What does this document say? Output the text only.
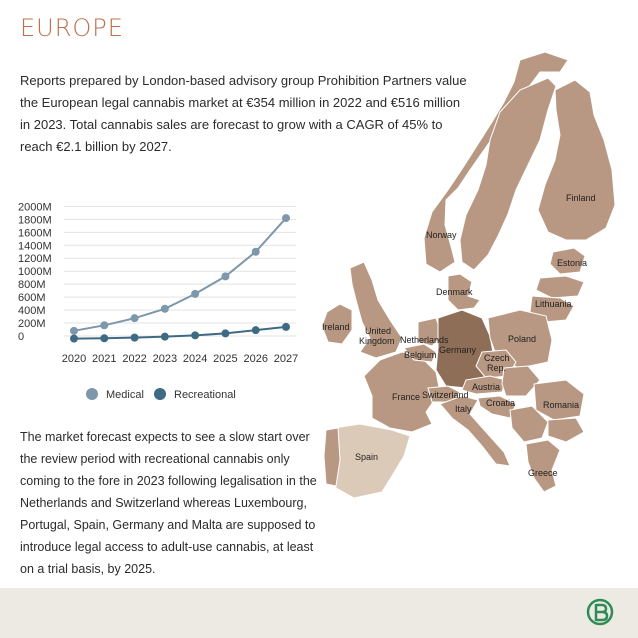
EUROPE

Reports prepared by London-based advisory group Prohibition Partners value the European legal cannabis market at €354 million in 2022 and €516 million in 2023. Total cannabis sales are forecast to grow with a CAGR of 45% to reach €2.1 billion by 2027.

0
200M
400M
600M
800M
1000M
1200M
1400M
1600M
1800M
2000M
2020 2021 2022 2023 2024 2025 2026 2027
Medical	Recreational

The market forecast expects to see a slow start over the review period with recreational cannabis only coming to the fore in 2023 following legalisation in the Netherlands and Switzerland whereas Luxembourg, Portugal, Spain, Germany and Malta are supposed to introduce legal access to adult-use cannabis, at least on a trial basis, by 2025.

Finland
Norway
Estonia
Denmark
Lithuania
Ireland United
Kingdom Netherlands
Belgium Germany
Poland
Czech
Rep.
Austria
France Switzerland
Croatia
Italy	Romania
Spain
Greece
